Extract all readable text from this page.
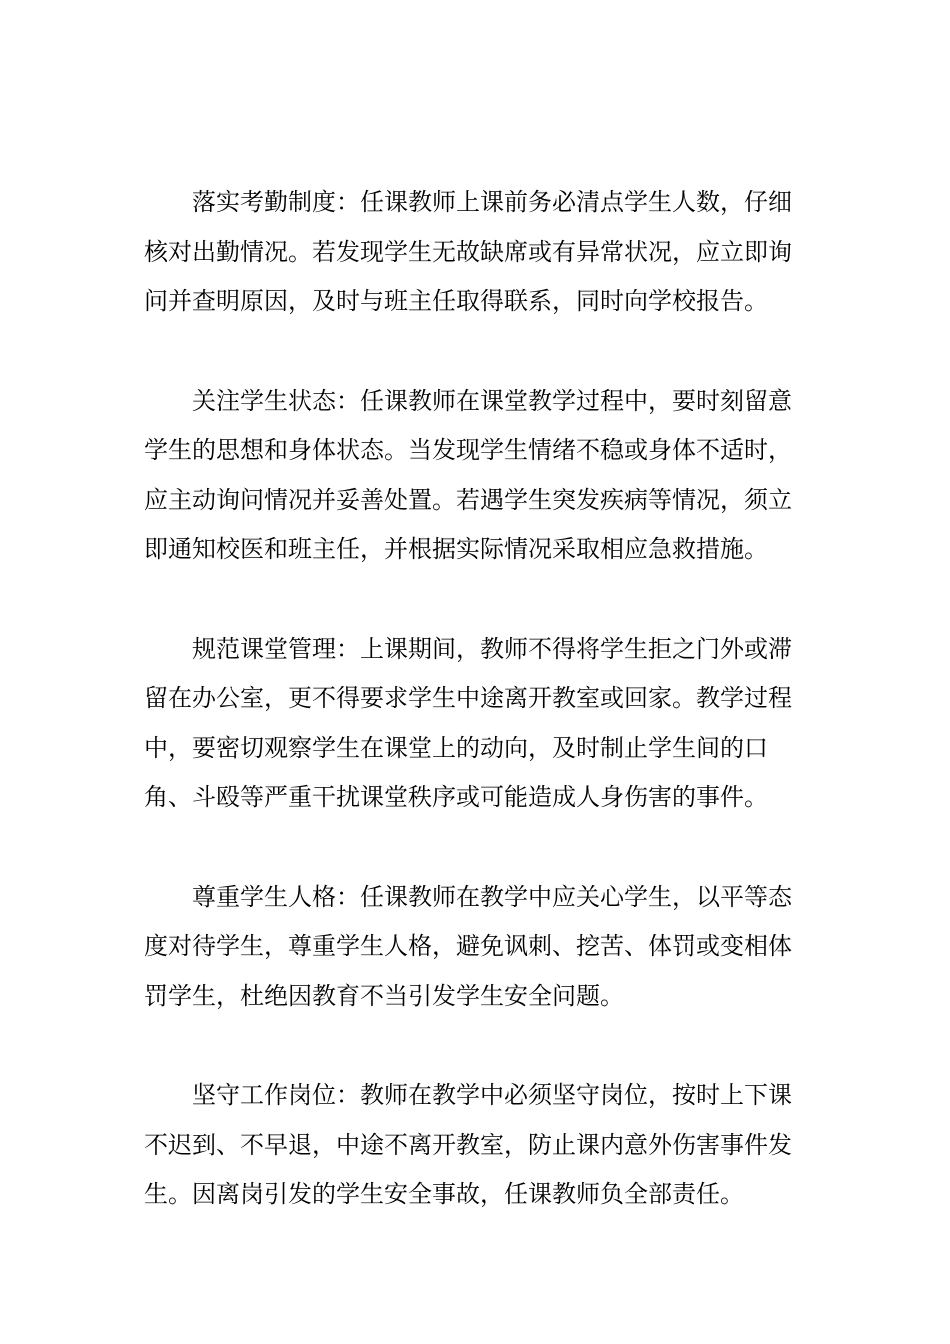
落实考勤制度：任课教师上课前务必清点学生人数，仔细核对出勤情况。若发现学生无故缺席或有异常状况，应立即询问并查明原因，及时与班主任取得联系，同时向学校报告。

关注学生状态：任课教师在课堂教学过程中，要时刻留意学生的思想和身体状态。当发现学生情绪不稳或身体不适时，应主动询问情况并妥善处置。若遇学生突发疾病等情况，须立即通知校医和班主任，并根据实际情况采取相应急救措施。

规范课堂管理：上课期间，教师不得将学生拒之门外或滞留在办公室，更不得要求学生中途离开教室或回家。教学过程中，要密切观察学生在课堂上的动向，及时制止学生间的口角、斗殴等严重干扰课堂秩序或可能造成人身伤害的事件。

尊重学生人格：任课教师在教学中应关心学生，以平等态度对待学生，尊重学生人格，避免讽刺、挖苦、体罚或变相体罚学生，杜绝因教育不当引发学生安全问题。

坚守工作岗位：教师在教学中必须坚守岗位，按时上下课不迟到、不早退，中途不离开教室，防止课内意外伤害事件发生。因离岗引发的学生安全事故，任课教师负全部责任。
